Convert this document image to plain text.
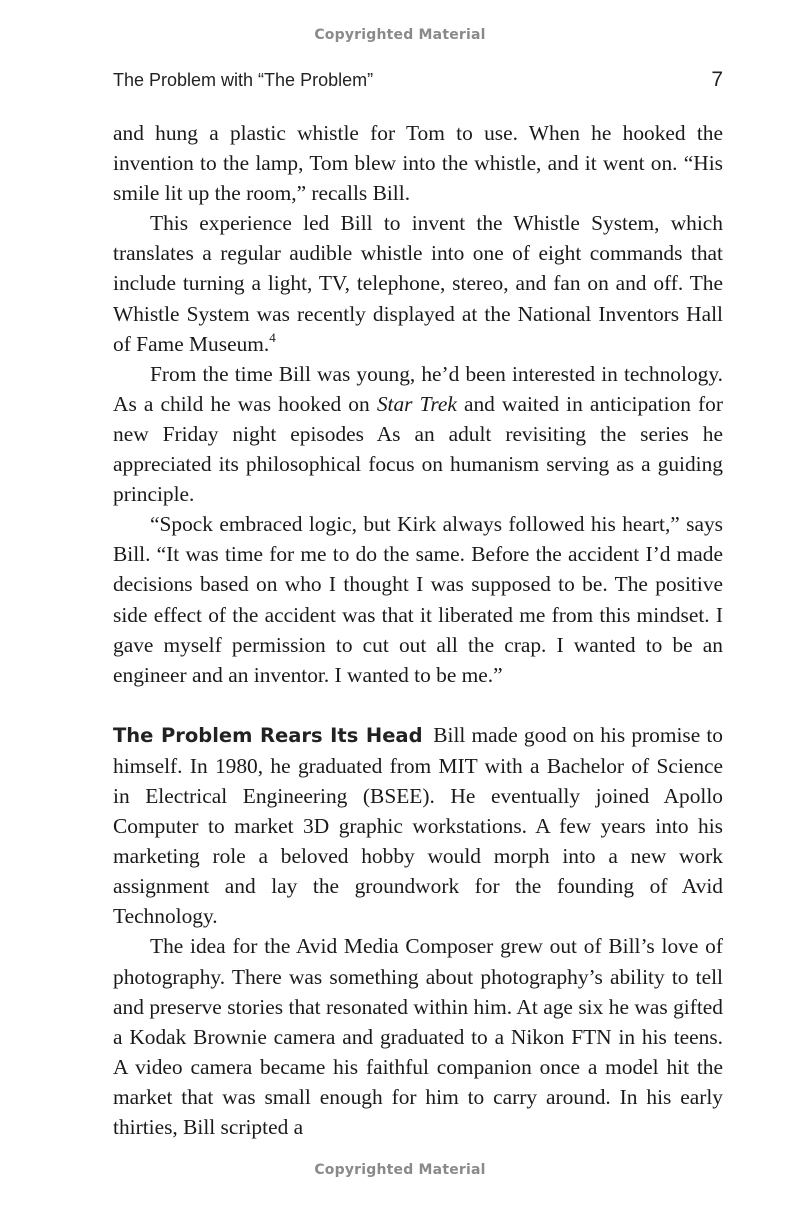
Copyrighted Material
The Problem with “The Problem”	7

and hung a plastic whistle for Tom to use. When he hooked the invention to the lamp, Tom blew into the whistle, and it went on. “His smile lit up the room,” recalls Bill.

This experience led Bill to invent the Whistle System, which translates a regular audible whistle into one of eight commands that include turning a light, TV, telephone, stereo, and fan on and off. The Whistle System was recently displayed at the National Inventors Hall of Fame Museum.$^4$

From the time Bill was young, he’d been interested in technology. As a child he was hooked on Star Trek and waited in anticipation for new Friday night episodes As an adult revisiting the series he appreciated its philosophical focus on humanism serving as a guiding principle.

“Spock embraced logic, but Kirk always followed his heart,” says Bill. “It was time for me to do the same. Before the accident I’d made decisions based on who I thought I was supposed to be. The positive side effect of the accident was that it liberated me from this mindset. I gave myself permission to cut out all the crap. I wanted to be an engineer and an inventor. I wanted to be me.”

The Problem Rears Its Head  Bill made good on his promise to himself. In 1980, he graduated from MIT with a Bachelor of Science in Electrical Engineering (BSEE). He eventually joined Apollo Computer to market 3D graphic workstations. A few years into his marketing role a beloved hobby would morph into a new work assignment and lay the groundwork for the founding of Avid Technology.

The idea for the Avid Media Composer grew out of Bill’s love of photography. There was something about photography’s ability to tell and preserve stories that resonated within him. At age six he was gifted a Kodak Brownie camera and graduated to a Nikon FTN in his teens. A video camera became his faithful companion once a model hit the market that was small enough for him to carry around. In his early thirties, Bill scripted a

Copyrighted Material
